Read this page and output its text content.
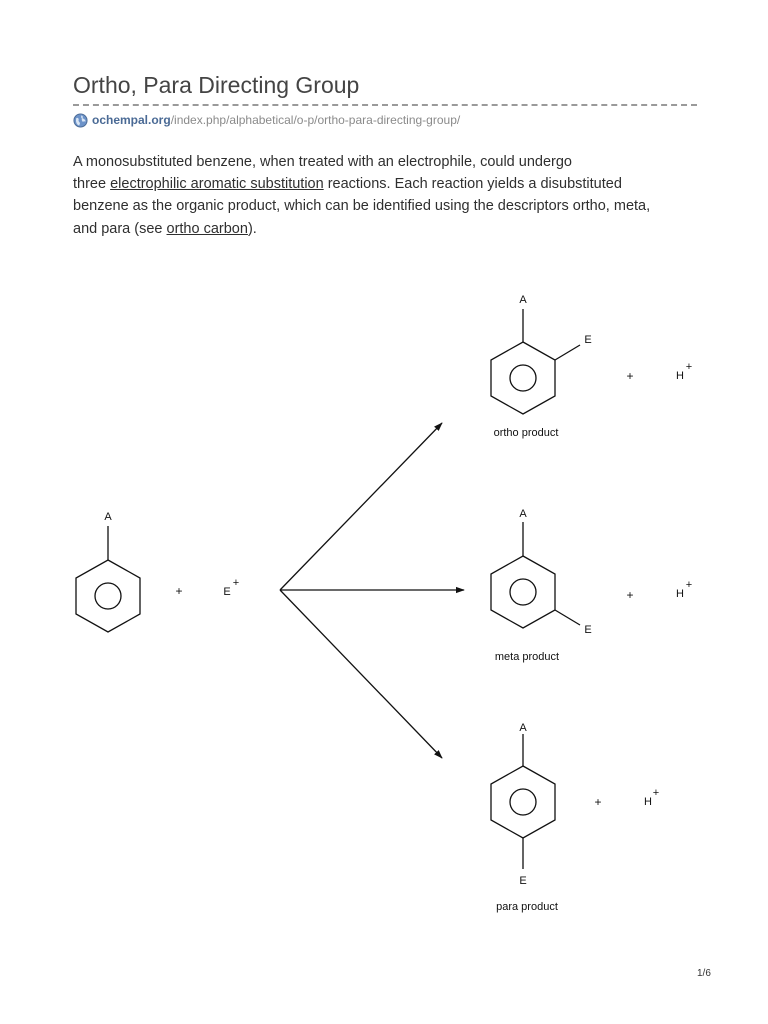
Ortho, Para Directing Group
ochempal.org /index.php/alphabetical/o-p/ortho-para-directing-group/

A monosubstituted benzene, when treated with an electrophile, could undergo
three electrophilic aromatic substitution reactions. Each reaction yields a disubstituted
benzene as the organic product, which can be identified using the descriptors ortho, meta,
and para (see ortho carbon).

A
+	E
+
A
E
+	H
+
ortho product
A
E
+	H
+
meta product
A
E
+	H
+
para product
1/6
